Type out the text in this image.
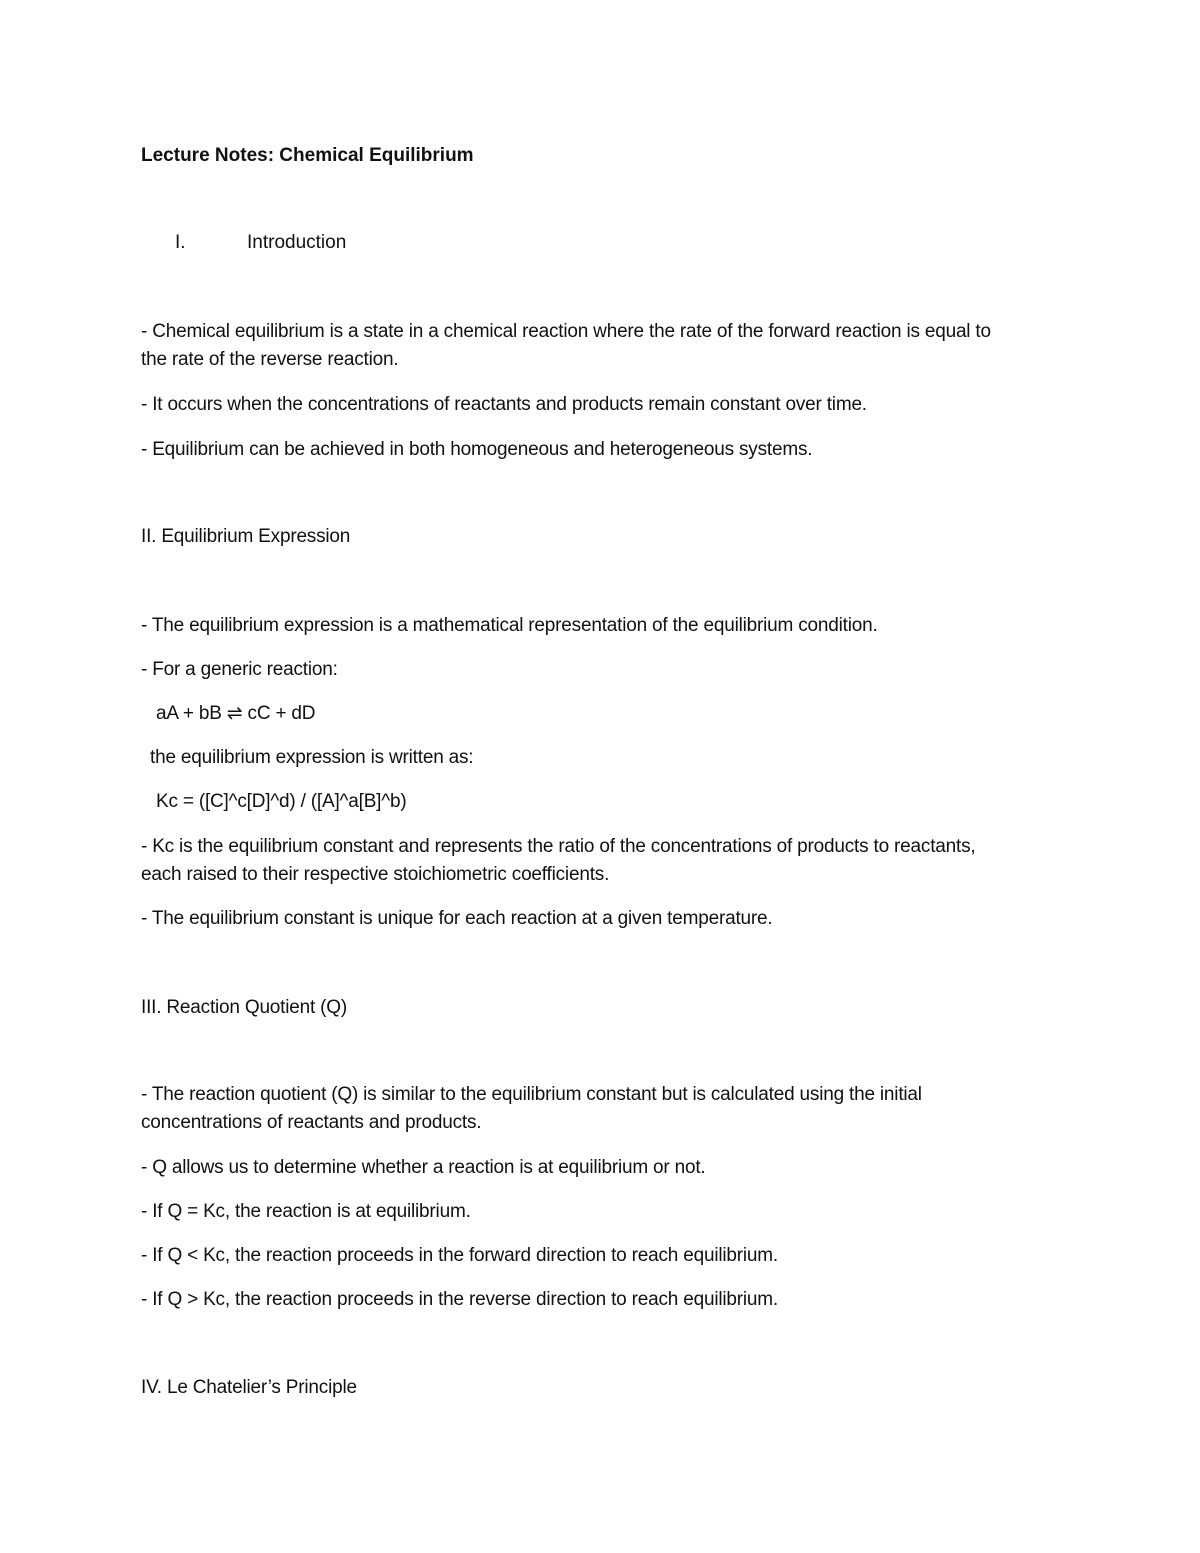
Lecture Notes: Chemical Equilibrium
I.	Introduction
- Chemical equilibrium is a state in a chemical reaction where the rate of the forward reaction is equal to
the rate of the reverse reaction.
- It occurs when the concentrations of reactants and products remain constant over time.
- Equilibrium can be achieved in both homogeneous and heterogeneous systems.
II. Equilibrium Expression
- The equilibrium expression is a mathematical representation of the equilibrium condition.
- For a generic reaction:
aA + bB ⇌ cC + dD
the equilibrium expression is written as:
Kc = ([C]^c[D]^d) / ([A]^a[B]^b)
- Kc is the equilibrium constant and represents the ratio of the concentrations of products to reactants,
each raised to their respective stoichiometric coefficients.
- The equilibrium constant is unique for each reaction at a given temperature.
III. Reaction Quotient (Q)
- The reaction quotient (Q) is similar to the equilibrium constant but is calculated using the initial
concentrations of reactants and products.
- Q allows us to determine whether a reaction is at equilibrium or not.
- If Q = Kc, the reaction is at equilibrium.
- If Q < Kc, the reaction proceeds in the forward direction to reach equilibrium.
- If Q > Kc, the reaction proceeds in the reverse direction to reach equilibrium.
IV. Le Chatelier’s Principle
